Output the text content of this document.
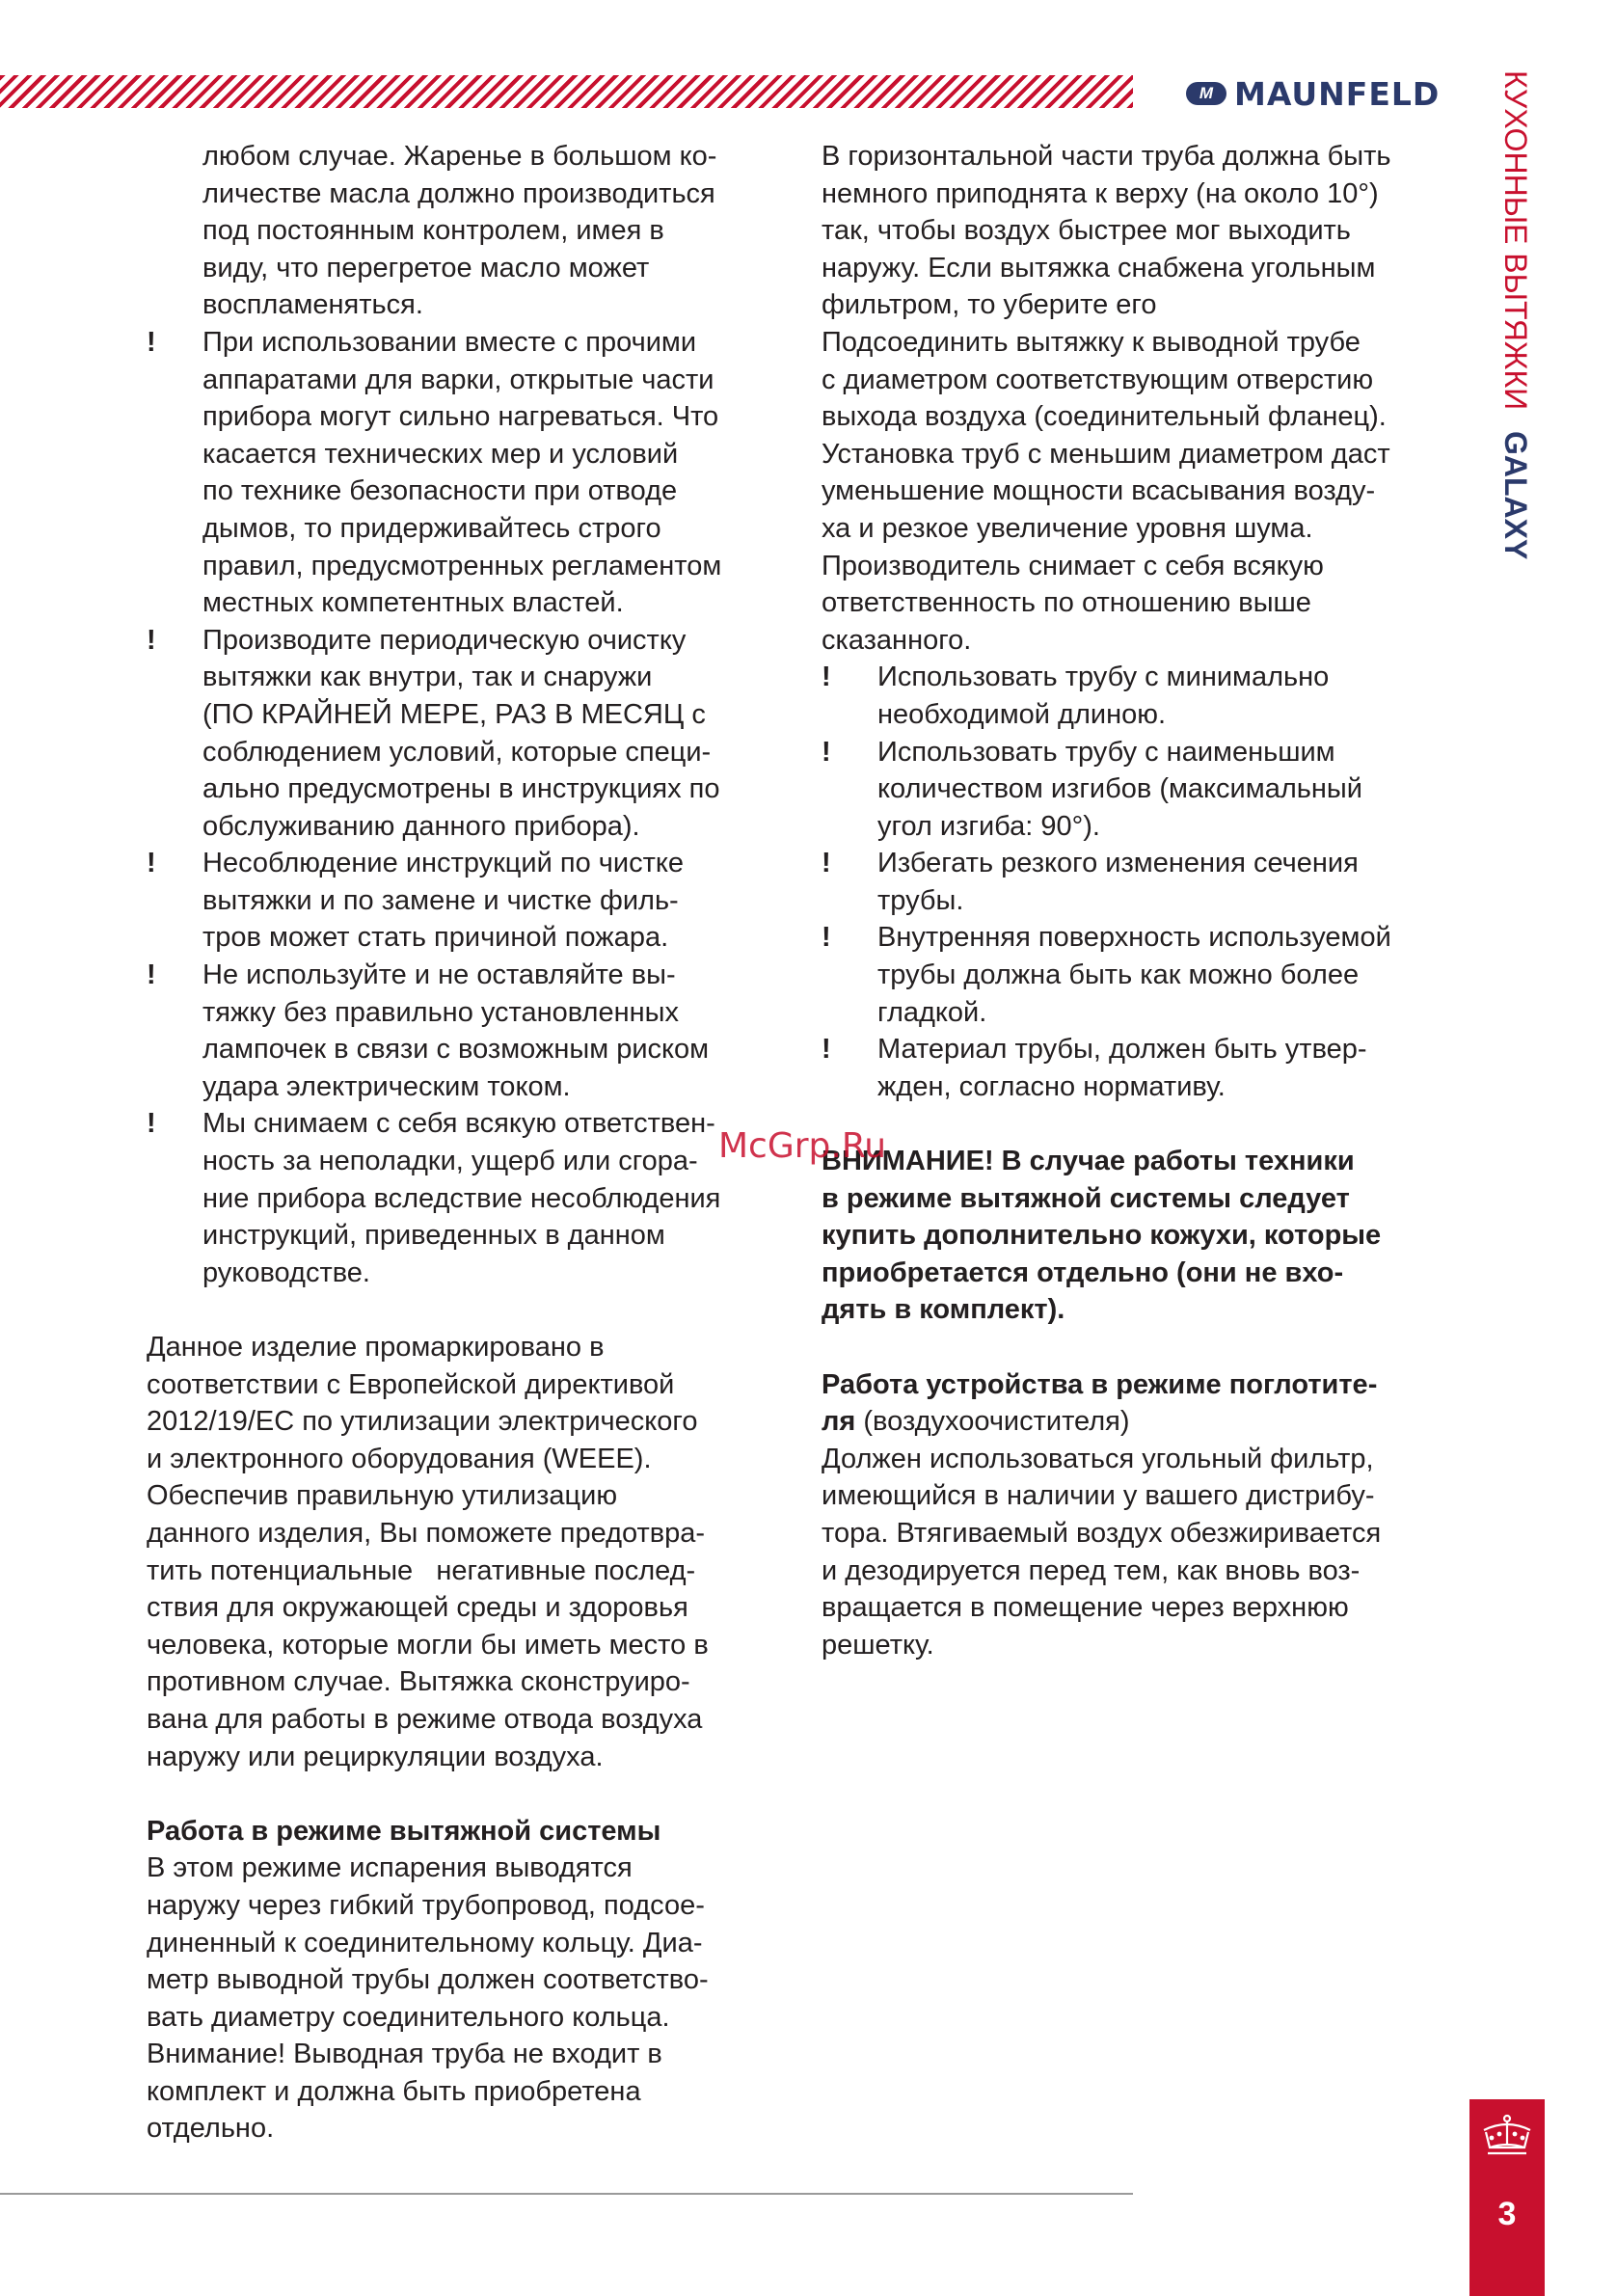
M MAUNFELD	КУХОННЫЕ ВЫТЯЖКИGALAXY
любом случае. Жаренье в большом ко-
личестве масла должно производиться
под постоянным контролем, имея в
виду, что перегретое масло может
воспламеняться.
!	При использовании вместе с прочими
аппаратами для варки, открытые части
прибора могут сильно нагреваться. Что
касается технических мер и условий
по технике безопасности при отводе
дымов, то придерживайтесь строго
правил, предусмотренных регламентом
местных компетентных властей.
!	Производите периодическую очистку
вытяжки как внутри, так и снаружи
(ПО КРАЙНЕЙ МЕРЕ, РАЗ В МЕСЯЦ с
соблюдением условий, которые специ-
ально предусмотрены в инструкциях по
обслуживанию данного прибора).
!	Несоблюдение инструкций по чистке
вытяжки и по замене и чистке филь-
тров может стать причиной пожара.
!	Не используйте и не оставляйте вы-
тяжку без правильно установленных
лампочек в связи с возможным риском
удара электрическим током.
!	Мы снимаем с себя всякую ответствен-
ность за неполадки, ущерб или сгора-
ние прибора вследствие несоблюдения
инструкций, приведенных в данном
руководстве.
Данное изделие промаркировано в
соответствии с Европейской директивой
2012/19/ЕС по утилизации электрического
и электронного оборудования (WEEE).
Обеспечив правильную утилизацию
данного изделия, Вы поможете предотвра-
тить потенциальные   негативные послед-
ствия для окружающей среды и здоровья
человека, которые могли бы иметь место в
противном случае. Вытяжка сконструиро-
вана для работы в режиме отвода воздуха
наружу или рециркуляции воздуха.
Работа в режиме вытяжной системы
В этом режиме испарения выводятся
наружу через гибкий трубопровод, подсое-
диненный к соединительному кольцу. Диа-
метр выводной трубы должен соответство-
вать диаметру соединительного кольца.
Внимание! Выводная труба не входит в
комплект и должна быть приобретена
отдельно.
В горизонтальной части труба должна быть
немного приподнята к верху (на около 10°)
так, чтобы воздух быстрее мог выходить
наружу. Если вытяжка снабжена угольным
фильтром, то уберите его
Подсоединить вытяжку к выводной трубе
с диаметром соответствующим отверстию
выхода воздуха (соединительный фланец).
Установка труб с меньшим диаметром даст
уменьшение мощности всасывания возду-
ха и резкое увеличение уровня шума.
Производитель снимает с себя всякую
ответственность по отношению выше
сказанного.
!	Использовать трубу с минимально
необходимой длиною.
!	Использовать трубу с наименьшим
количеством изгибов (максимальный
угол изгиба: 90°).
!	Избегать резкого изменения сечения
трубы.
!	Внутренняя поверхность используемой
трубы должна быть как можно более
гладкой.
!	Материал трубы, должен быть утвер-
жден, согласно нормативу.
ВНИМАНИЕ! В случае работы техники
в режиме вытяжной системы следует
купить дополнительно кожухи, которые
приобретается отдельно (они не вхо-
дять в комплект).
Работа устройства в режиме поглотите-
ля (воздухоочистителя)
Должен использоваться угольный фильтр,
имеющийся в наличии у вашего дистрибу-
тора. Втягиваемый воздух обезжиривается
и дезодируется перед тем, как вновь воз-
вращается в помещение через верхнюю
решетку.
McGrp.Ru
3
